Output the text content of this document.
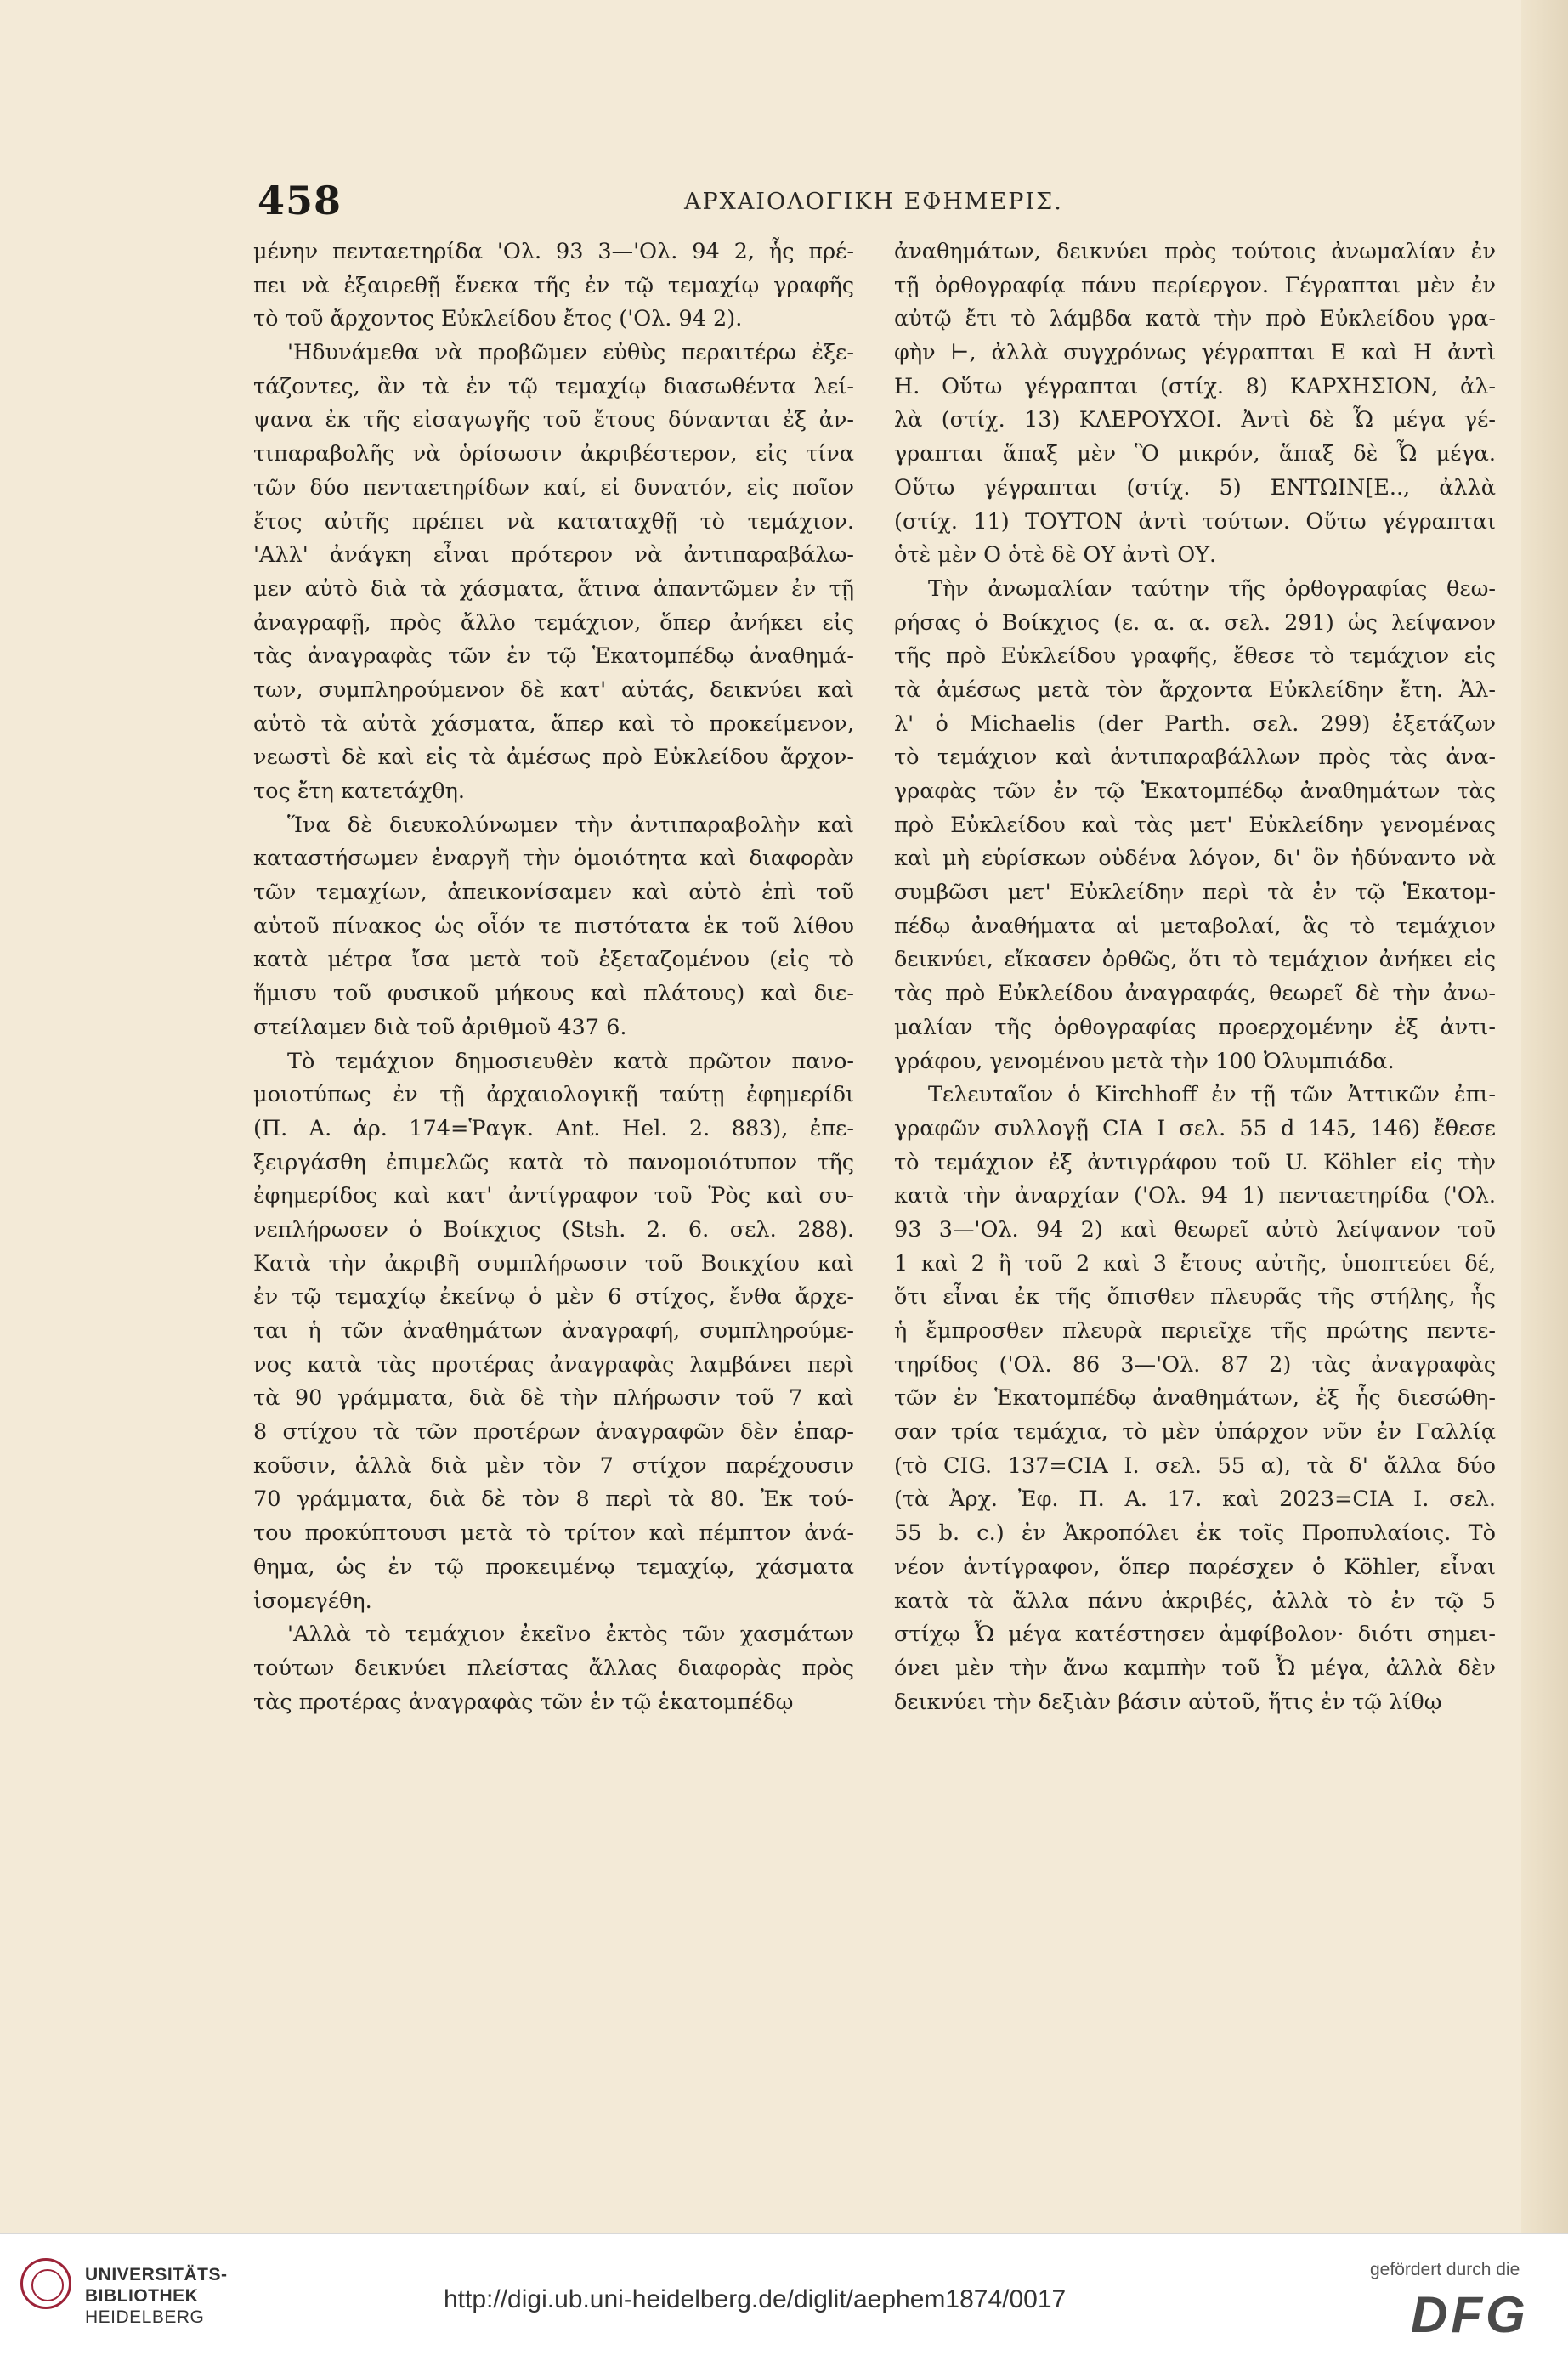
458	ΑΡΧΑΙΟΛΟΓΙΚΗ ΕΦΗΜΕΡΙΣ.
μένην πενταετηρίδα 'Ολ. 93 3—'Ολ. 94 2, ἧς πρέ-
πει νὰ ἐξαιρεθῇ ἕνεκα τῆς ἐν τῷ τεμαχίῳ γραφῆς
τὸ τοῦ ἄρχοντος Εὐκλείδου ἔτος ('Ολ. 94 2).
'Ηδυνάμεθα νὰ προβῶμεν εὐθὺς περαιτέρω ἐξε-
τάζοντες, ἂν τὰ ἐν τῷ τεμαχίῳ διασωθέντα λεί-
ψανα ἐκ τῆς εἰσαγωγῆς τοῦ ἔτους δύνανται ἐξ ἀν-
τιπαραβολῆς νὰ ὁρίσωσιν ἀκριβέστερον, εἰς τίνα
τῶν δύο πενταετηρίδων καί, εἰ δυνατόν, εἰς ποῖον
ἔτος αὐτῆς πρέπει νὰ καταταχθῇ τὸ τεμάχιον.
'Αλλ' ἀνάγκη εἶναι πρότερον νὰ ἀντιπαραβάλω-
μεν αὐτὸ διὰ τὰ χάσματα, ἅτινα ἀπαντῶμεν ἐν τῇ
ἀναγραφῇ, πρὸς ἄλλο τεμάχιον, ὅπερ ἀνήκει εἰς
τὰς ἀναγραφὰς τῶν ἐν τῷ Ἑκατομπέδῳ ἀναθημά-
των, συμπληρούμενον δὲ κατ' αὐτάς, δεικνύει καὶ
αὐτὸ τὰ αὐτὰ χάσματα, ἅπερ καὶ τὸ προκείμενον,
νεωστὶ δὲ καὶ εἰς τὰ ἀμέσως πρὸ Εὐκλείδου ἄρχον-
τος ἔτη κατετάχθη.
Ἵνα δὲ διευκολύνωμεν τὴν ἀντιπαραβολὴν καὶ
καταστήσωμεν ἐναργῆ τὴν ὁμοιότητα καὶ διαφορὰν
τῶν τεμαχίων, ἀπεικονίσαμεν καὶ αὐτὸ ἐπὶ τοῦ
αὐτοῦ πίνακος ὡς οἷόν τε πιστότατα ἐκ τοῦ λίθου
κατὰ μέτρα ἴσα μετὰ τοῦ ἐξεταζομένου (εἰς τὸ
ἥμισυ τοῦ φυσικοῦ μήκους καὶ πλάτους) καὶ διε-
στείλαμεν διὰ τοῦ ἀριθμοῦ 437 6.
Τὸ τεμάχιον δημοσιευθὲν κατὰ πρῶτον πανο-
μοιοτύπως ἐν τῇ ἀρχαιολογικῇ ταύτῃ ἐφημερίδι
(Π. Α. ἀρ. 174=Ῥαγκ. Ant. Hel. 2. 883), ἐπε-
ξειργάσθη ἐπιμελῶς κατὰ τὸ πανομοιότυπον τῆς
ἐφημερίδος καὶ κατ' ἀντίγραφον τοῦ Ῥὸς καὶ συ-
νεπλήρωσεν ὁ Βοίκχιος (Stsh. 2. 6. σελ. 288).
Κατὰ τὴν ἀκριβῆ συμπλήρωσιν τοῦ Βοικχίου καὶ
ἐν τῷ τεμαχίῳ ἐκείνῳ ὁ μὲν 6 στίχος, ἔνθα ἄρχε-
ται ἡ τῶν ἀναθημάτων ἀναγραφή, συμπληρούμε-
νος κατὰ τὰς προτέρας ἀναγραφὰς λαμβάνει περὶ
τὰ 90 γράμματα, διὰ δὲ τὴν πλήρωσιν τοῦ 7 καὶ
8 στίχου τὰ τῶν προτέρων ἀναγραφῶν δὲν ἐπαρ-
κοῦσιν, ἀλλὰ διὰ μὲν τὸν 7 στίχον παρέχουσιν
70 γράμματα, διὰ δὲ τὸν 8 περὶ τὰ 80. Ἐκ τού-
του προκύπτουσι μετὰ τὸ τρίτον καὶ πέμπτον ἀνά-
θημα, ὡς ἐν τῷ προκειμένῳ τεμαχίῳ, χάσματα
ἰσομεγέθη.
'Αλλὰ τὸ τεμάχιον ἐκεῖνο ἐκτὸς τῶν χασμάτων
τούτων δεικνύει πλείστας ἄλλας διαφορὰς πρὸς
τὰς προτέρας ἀναγραφὰς τῶν ἐν τῷ ἑκατομπέδῳ
ἀναθημάτων, δεικνύει πρὸς τούτοις ἀνωμαλίαν ἐν
τῇ ὀρθογραφίᾳ πάνυ περίεργον. Γέγραπται μὲν ἐν
αὐτῷ ἔτι τὸ λάμβδα κατὰ τὴν πρὸ Εὐκλείδου γρα-
φὴν ⊢, ἀλλὰ συγχρόνως γέγραπται Ε καὶ Η ἀντὶ
Η. Οὕτω γέγραπται (στίχ. 8) ΚΑΡΧΗΣΙΟΝ, ἀλ-
λὰ (στίχ. 13) ΚΛΕΡΟΥΧΟΙ. Ἀντὶ δὲ Ὦ μέγα γέ-
γραπται ἅπαξ μὲν Ὃ μικρόν, ἅπαξ δὲ Ὦ μέγα.
Οὕτω γέγραπται (στίχ. 5) ΕΝΤΩΙΝ[Ε.., ἀλλὰ
(στίχ. 11) ΤΟΥΤΟΝ ἀντὶ τούτων. Οὕτω γέγραπται
ὁτὲ μὲν Ο ὁτὲ δὲ ΟΥ ἀντὶ ΟΥ.
Τὴν ἀνωμαλίαν ταύτην τῆς ὀρθογραφίας θεω-
ρήσας ὁ Βοίκχιος (ε. α. α. σελ. 291) ὡς λείψανον
τῆς πρὸ Εὐκλείδου γραφῆς, ἔθεσε τὸ τεμάχιον εἰς
τὰ ἀμέσως μετὰ τὸν ἄρχοντα Εὐκλείδην ἔτη. Ἀλ-
λ' ὁ Michaelis (der Parth. σελ. 299) ἐξετάζων
τὸ τεμάχιον καὶ ἀντιπαραβάλλων πρὸς τὰς ἀνα-
γραφὰς τῶν ἐν τῷ Ἑκατομπέδῳ ἀναθημάτων τὰς
πρὸ Εὐκλείδου καὶ τὰς μετ' Εὐκλείδην γενομένας
καὶ μὴ εὑρίσκων οὐδένα λόγον, δι' ὃν ἠδύναντο νὰ
συμβῶσι μετ' Εὐκλείδην περὶ τὰ ἐν τῷ Ἑκατομ-
πέδῳ ἀναθήματα αἱ μεταβολαί, ἃς τὸ τεμάχιον
δεικνύει, εἴκασεν ὀρθῶς, ὅτι τὸ τεμάχιον ἀνήκει εἰς
τὰς πρὸ Εὐκλείδου ἀναγραφάς, θεωρεῖ δὲ τὴν ἀνω-
μαλίαν τῆς ὀρθογραφίας προερχομένην ἐξ ἀντι-
γράφου, γενομένου μετὰ τὴν 100 Ὀλυμπιάδα.
Τελευταῖον ὁ Kirchhoff ἐν τῇ τῶν Ἀττικῶν ἐπι-
γραφῶν συλλογῇ CIA I σελ. 55 d 145, 146) ἔθεσε
τὸ τεμάχιον ἐξ ἀντιγράφου τοῦ U. Köhler εἰς τὴν
κατὰ τὴν ἀναρχίαν ('Ολ. 94 1) πενταετηρίδα ('Ολ.
93 3—'Ολ. 94 2) καὶ θεωρεῖ αὐτὸ λείψανον τοῦ
1 καὶ 2 ἢ τοῦ 2 καὶ 3 ἔτους αὐτῆς, ὑποπτεύει δέ,
ὅτι εἶναι ἐκ τῆς ὄπισθεν πλευρᾶς τῆς στήλης, ἧς
ἡ ἔμπροσθεν πλευρὰ περιεῖχε τῆς πρώτης πεντε-
τηρίδος ('Ολ. 86 3—'Ολ. 87 2) τὰς ἀναγραφὰς
τῶν ἐν Ἑκατομπέδῳ ἀναθημάτων, ἐξ ἧς διεσώθη-
σαν τρία τεμάχια, τὸ μὲν ὑπάρχον νῦν ἐν Γαλλίᾳ
(τὸ CIG. 137=CIA I. σελ. 55 α), τὰ δ' ἄλλα δύο
(τὰ Ἀρχ. Ἐφ. Π. Α. 17. καὶ 2023=CIA I. σελ.
55 b. c.) ἐν Ἀκροπόλει ἐκ τοῖς Προπυλαίοις. Τὸ
νέον ἀντίγραφον, ὅπερ παρέσχεν ὁ Köhler, εἶναι
κατὰ τὰ ἄλλα πάνυ ἀκριβές, ἀλλὰ τὸ ἐν τῷ 5
στίχῳ Ὦ μέγα κατέστησεν ἀμφίβολον· διότι σημει-
όνει μὲν τὴν ἄνω καμπὴν τοῦ Ὦ μέγα, ἀλλὰ δὲν
δεικνύει τὴν δεξιὰν βάσιν αὐτοῦ, ἥτις ἐν τῷ λίθῳ
UNIVERSITÄTS-
BIBLIOTHEK
HEIDELBERG
http://digi.ub.uni-heidelberg.de/diglit/aephem1874/0017
gefördert durch die
DFG
